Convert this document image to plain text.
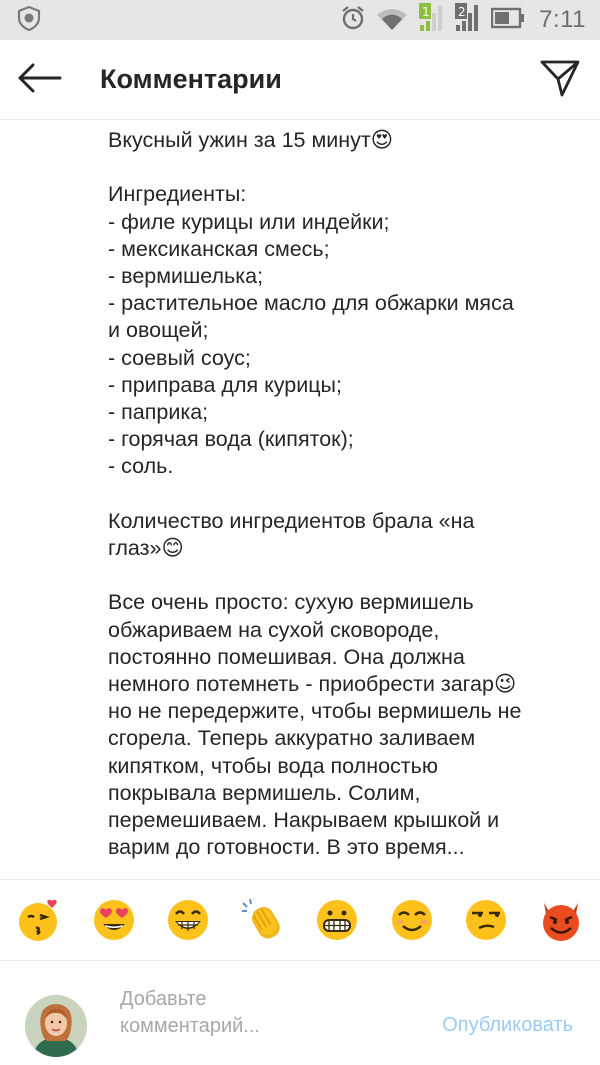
1 2	7:11
Комментарии
Вкусный ужин за 15 минут😍

Ингредиенты:
- филе курицы или индейки;
- мексиканская смесь;
- вермишелька;
- растительное масло для обжарки мяса и овощей;
- соевый соус;
- приправа для курицы;
- паприка;
- горячая вода (кипяток);
- соль.

Количество ингредиентов брала «на глаз»😊

Все очень просто: сухую вермишель обжариваем на сухой сковороде, постоянно помешивая. Она должна немного потемнеть - приобрести загар😉  но не передержите, чтобы вермишель не сгорела. Теперь аккуратно заливаем кипятком, чтобы вода полностью покрывала вермишель. Солим, перемешиваем. Накрываем крышкой и варим до готовности. В это время...
Добавьте комментарий...
Опубликовать
